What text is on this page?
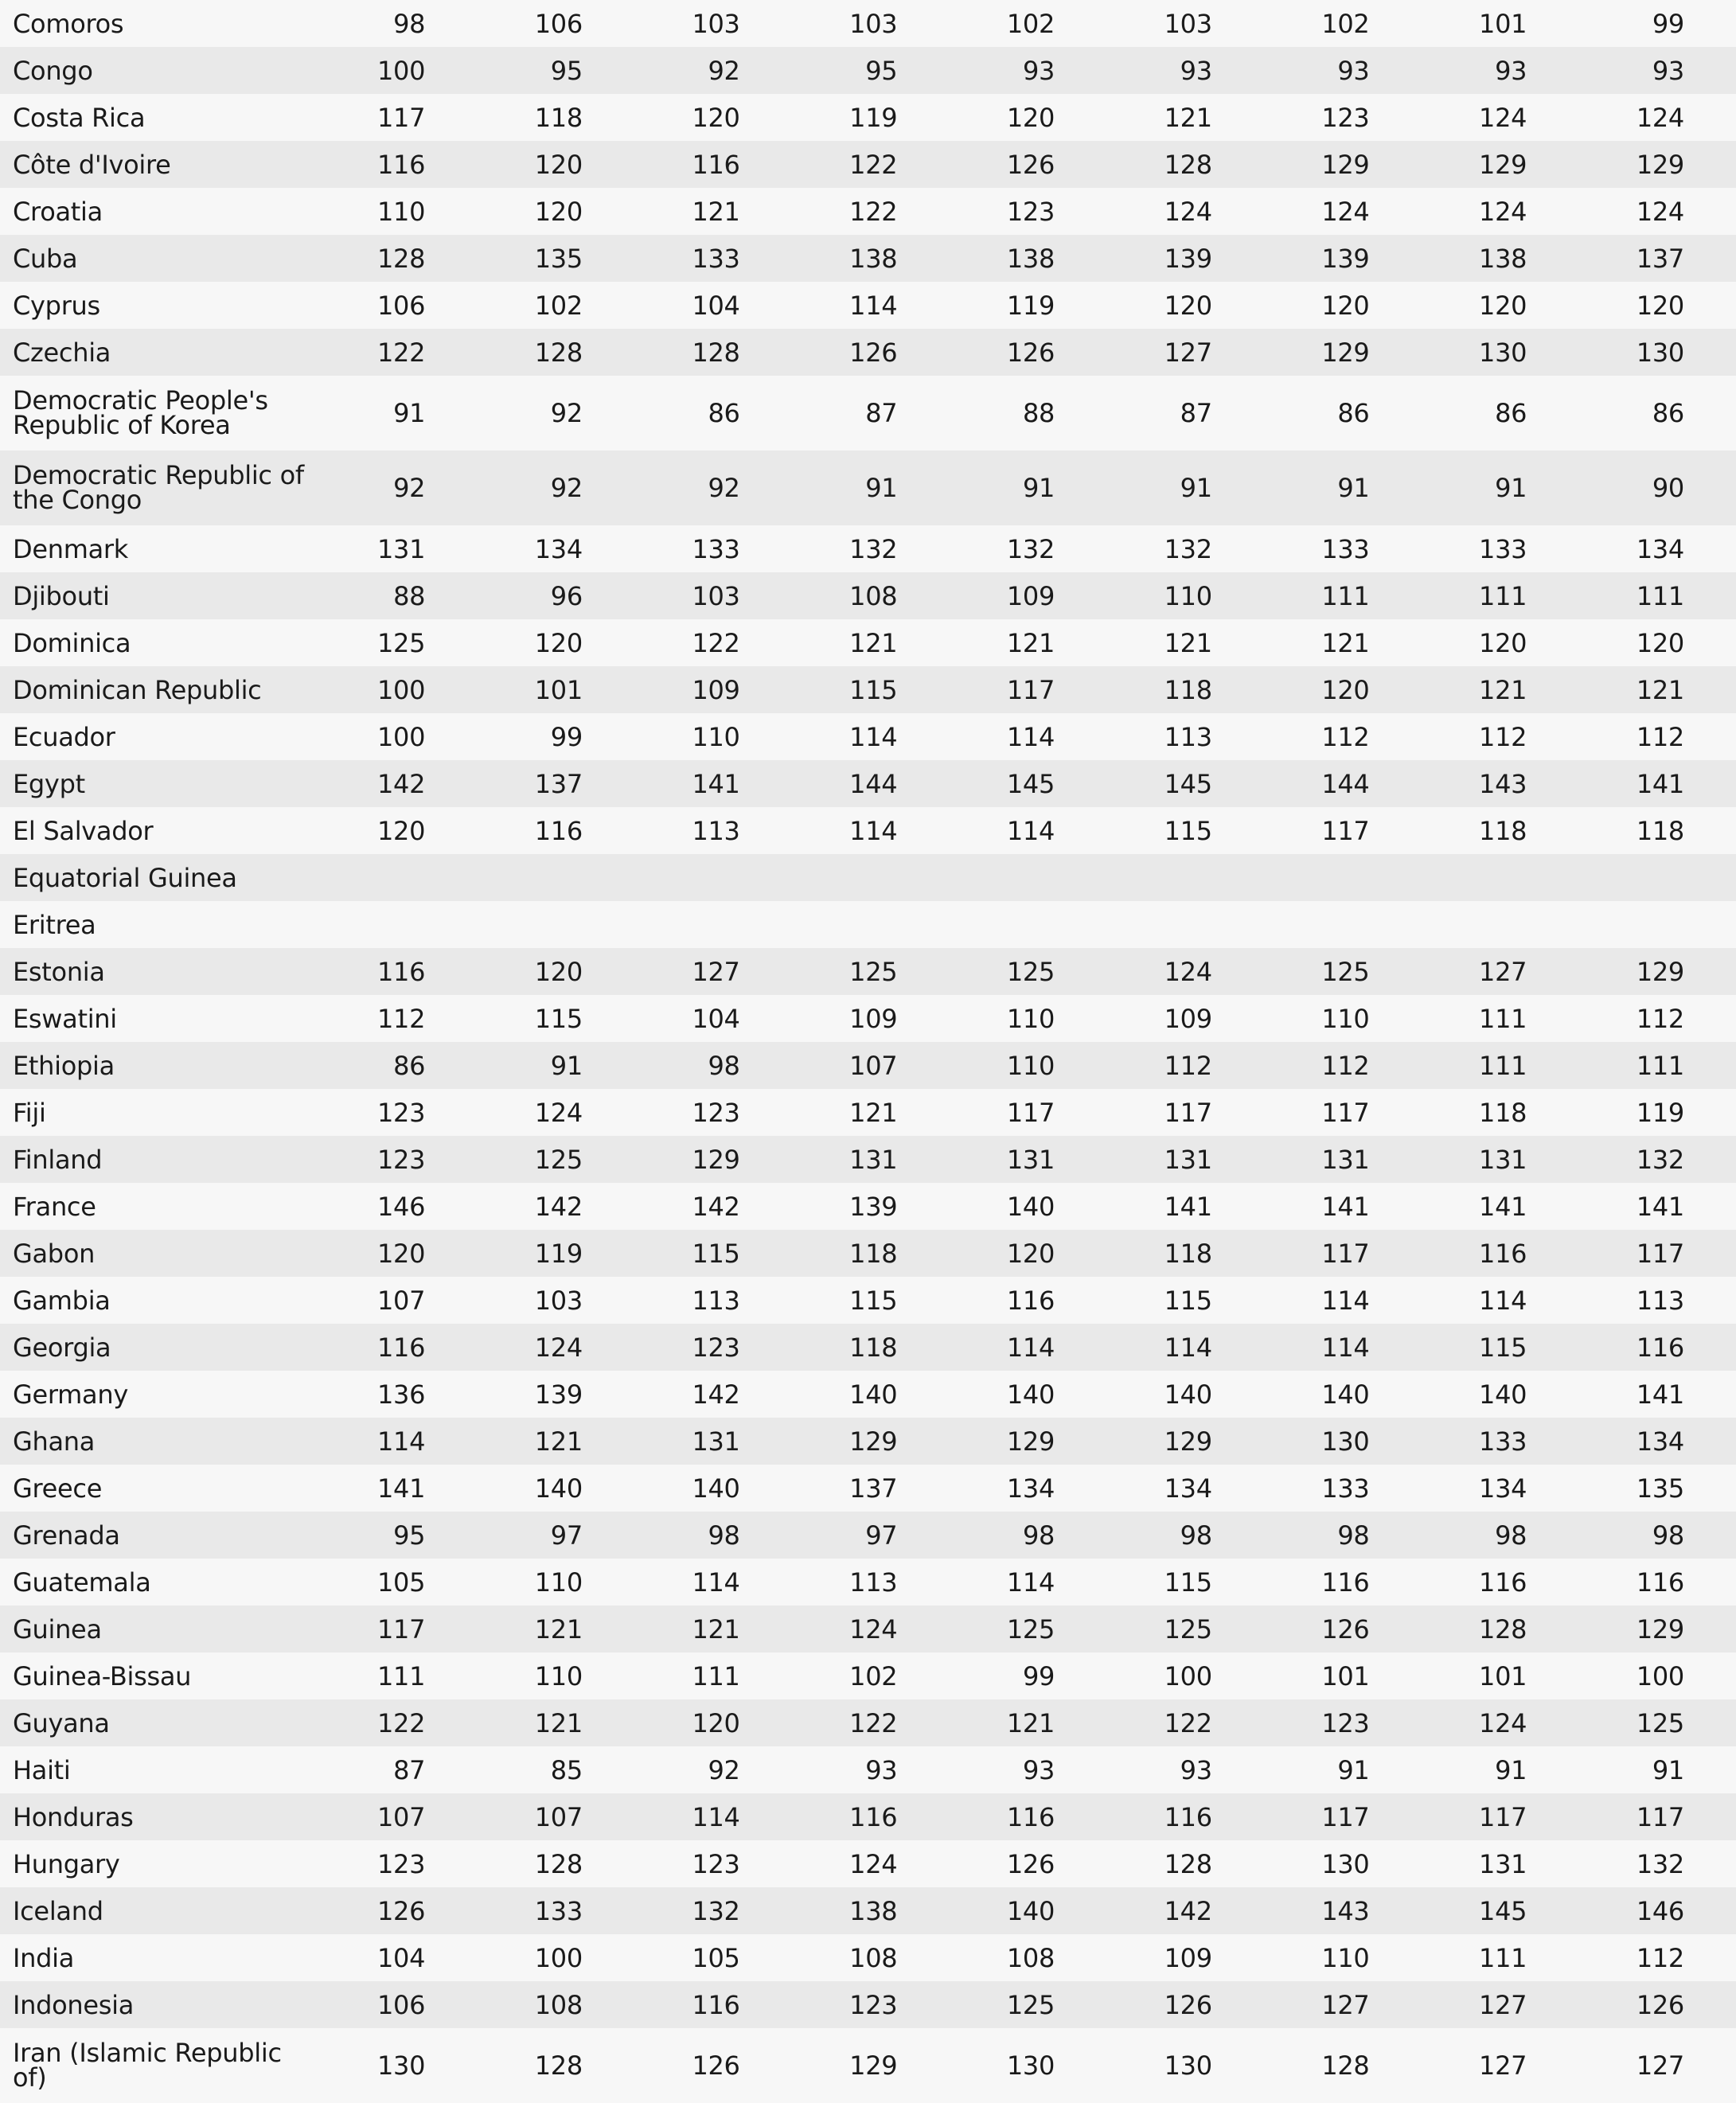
Comoros	98	106	103	103	102	103	102	101	99
Congo	100	95	92	95	93	93	93	93	93
Costa Rica	117	118	120	119	120	121	123	124	124
Côte d'Ivoire	116	120	116	122	126	128	129	129	129
Croatia	110	120	121	122	123	124	124	124	124
Cuba	128	135	133	138	138	139	139	138	137
Cyprus	106	102	104	114	119	120	120	120	120
Czechia	122	128	128	126	126	127	129	130	130
Democratic People's Republic of Korea	91	92	86	87	88	87	86	86	86
Democratic Republic of the Congo	92	92	92	91	91	91	91	91	90
Denmark	131	134	133	132	132	132	133	133	134
Djibouti	88	96	103	108	109	110	111	111	111
Dominica	125	120	122	121	121	121	121	120	120
Dominican Republic	100	101	109	115	117	118	120	121	121
Ecuador	100	99	110	114	114	113	112	112	112
Egypt	142	137	141	144	145	145	144	143	141
El Salvador	120	116	113	114	114	115	117	118	118
Equatorial Guinea									
Eritrea									
Estonia	116	120	127	125	125	124	125	127	129
Eswatini	112	115	104	109	110	109	110	111	112
Ethiopia	86	91	98	107	110	112	112	111	111
Fiji	123	124	123	121	117	117	117	118	119
Finland	123	125	129	131	131	131	131	131	132
France	146	142	142	139	140	141	141	141	141
Gabon	120	119	115	118	120	118	117	116	117
Gambia	107	103	113	115	116	115	114	114	113
Georgia	116	124	123	118	114	114	114	115	116
Germany	136	139	142	140	140	140	140	140	141
Ghana	114	121	131	129	129	129	130	133	134
Greece	141	140	140	137	134	134	133	134	135
Grenada	95	97	98	97	98	98	98	98	98
Guatemala	105	110	114	113	114	115	116	116	116
Guinea	117	121	121	124	125	125	126	128	129
Guinea-Bissau	111	110	111	102	99	100	101	101	100
Guyana	122	121	120	122	121	122	123	124	125
Haiti	87	85	92	93	93	93	91	91	91
Honduras	107	107	114	116	116	116	117	117	117
Hungary	123	128	123	124	126	128	130	131	132
Iceland	126	133	132	138	140	142	143	145	146
India	104	100	105	108	108	109	110	111	112
Indonesia	106	108	116	123	125	126	127	127	126
Iran (Islamic Republic of)	130	128	126	129	130	130	128	127	127
